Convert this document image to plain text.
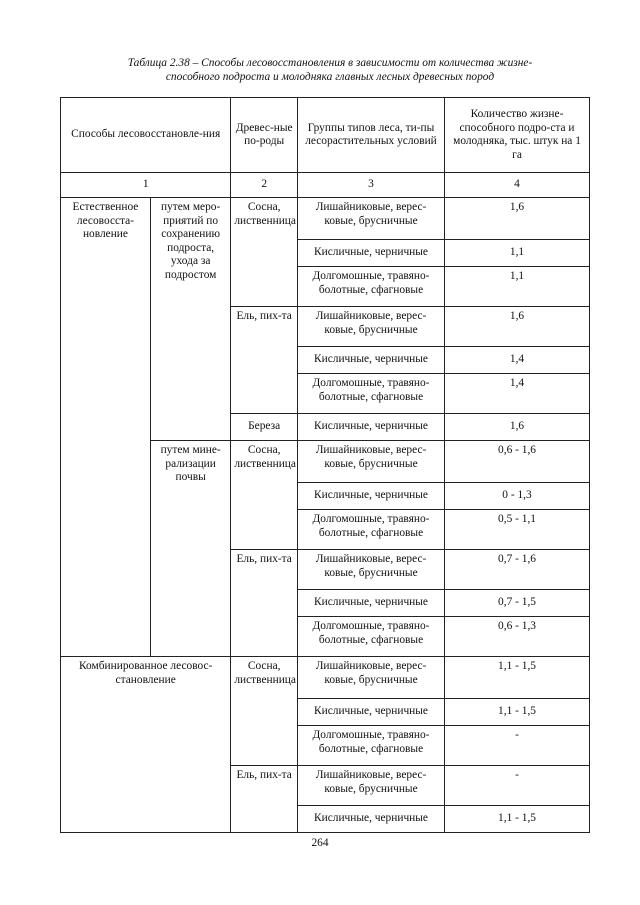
Таблица 2.38 – Способы лесовосстановления в зависимости от количества жизне-
способного подроста и молодняка главных лесных древесных пород
Способы лесовосстановле-ния		Древес-ные по-роды	Группы типов леса, ти-пы лесорастительных условий	Количество жизне-способного подро-ста и молодняка, тыс. штук на 1 га
1		2	3	4
Естественное лесовосста-новление	путем меро-приятий по сохранению подроста, ухода за подростом	Сосна, лиственница	Лишайниковые, верес-ковые, брусничные	1,6
			Кисличные, черничные	1,1
			Долгомошные, травяно-болотные, сфагновые	1,1
		Ель, пих-та	Лишайниковые, верес-ковые, брусничные	1,6
			Кисличные, черничные	1,4
			Долгомошные, травяно-болотные, сфагновые	1,4
		Береза	Кисличные, черничные	1,6
	путем мине-рализации почвы	Сосна, лиственница	Лишайниковые, верес-ковые, брусничные	0,6 - 1,6
			Кисличные, черничные	0 - 1,3
			Долгомошные, травяно-болотные, сфагновые	0,5 - 1,1
		Ель, пих-та	Лишайниковые, верес-ковые, брусничные	0,7 - 1,6
			Кисличные, черничные	0,7 - 1,5
			Долгомошные, травяно-болотные, сфагновые	0,6 - 1,3
Комбинированное лесовос-становление		Сосна, лиственница	Лишайниковые, верес-ковые, брусничные	1,1 - 1,5
			Кисличные, черничные	1,1 - 1,5
			Долгомошные, травяно-болотные, сфагновые	-
		Ель, пих-та	Лишайниковые, верес-ковые, брусничные	-
			Кисличные, черничные	1,1 - 1,5
264
